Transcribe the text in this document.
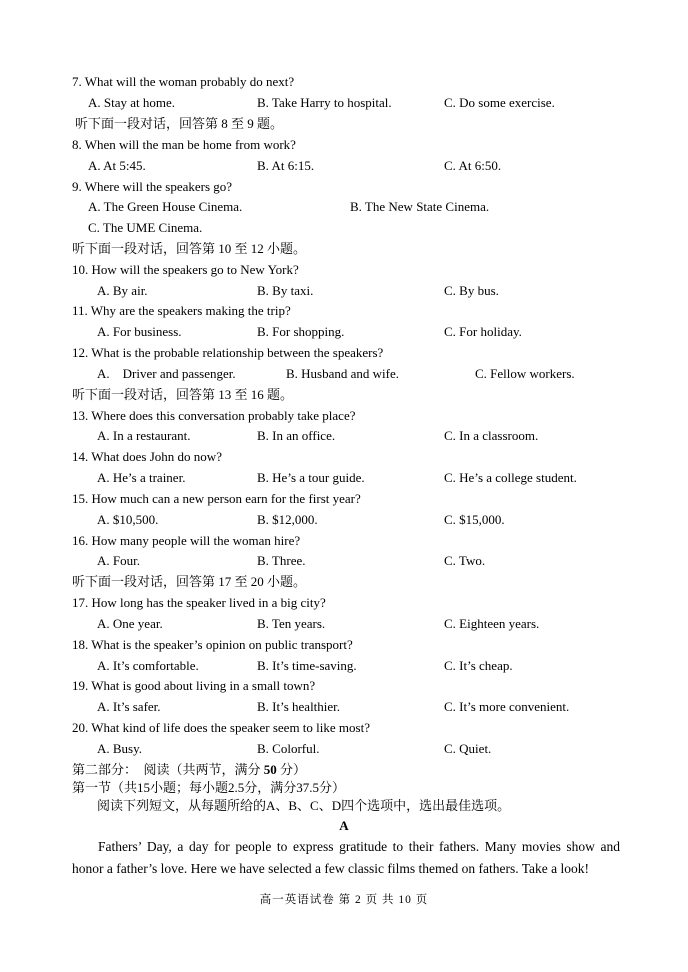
7. What will the woman probably do next?
A. Stay at home.	B. Take Harry to hospital.	C. Do some exercise.
听下面一段对话，回答第 8 至 9 题。
8. When will the man be home from work?
A. At 5:45.	B. At 6:15.	C. At 6:50.
9. Where will the speakers go?
A. The Green House Cinema.	B. The New State Cinema.
C. The UME Cinema.
听下面一段对话，回答第 10 至 12 小题。
10. How will the speakers go to New York?
A. By air.	B. By taxi.	C. By bus.
11. Why are the speakers making the trip?
A. For business.	B. For shopping.	C. For holiday.
12. What is the probable relationship between the speakers?
A.    Driver and passenger.	B. Husband and wife.	C. Fellow workers.
听下面一段对话，回答第 13 至 16 题。
13. Where does this conversation probably take place?
A. In a restaurant.	B. In an office.	C. In a classroom.
14. What does John do now?
A. He’s a trainer.	B. He’s a tour guide.	C. He’s a college student.
15. How much can a new person earn for the first year?
A. $10,500.	B. $12,000.	C. $15,000.
16. How many people will the woman hire?
A. Four.	B. Three.	C. Two.
听下面一段对话，回答第 17 至 20 小题。
17. How long has the speaker lived in a big city?
A. One year.	B. Ten years.	C. Eighteen years.
18. What is the speaker’s opinion on public transport?
A. It’s comfortable.	B. It’s time-saving.	C. It’s cheap.
19. What is good about living in a small town?
A. It’s safer.	B. It’s healthier.	C. It’s more convenient.
20. What kind of life does the speaker seem to like most?
A. Busy.	B. Colorful.	C. Quiet.
第二部分：  阅读（共两节，满分 50 分）
第一节（共15小题；每小题2.5分，满分37.5分）
阅读下列短文，从每题所给的A、B、C、D四个选项中，选出最佳选项。
A
Fathers’ Day, a day for people to express gratitude to their fathers. Many movies show and honor a father’s love. Here we have selected a few classic films themed on fathers. Take a look!
高一英语试卷 第 2 页 共 10 页
